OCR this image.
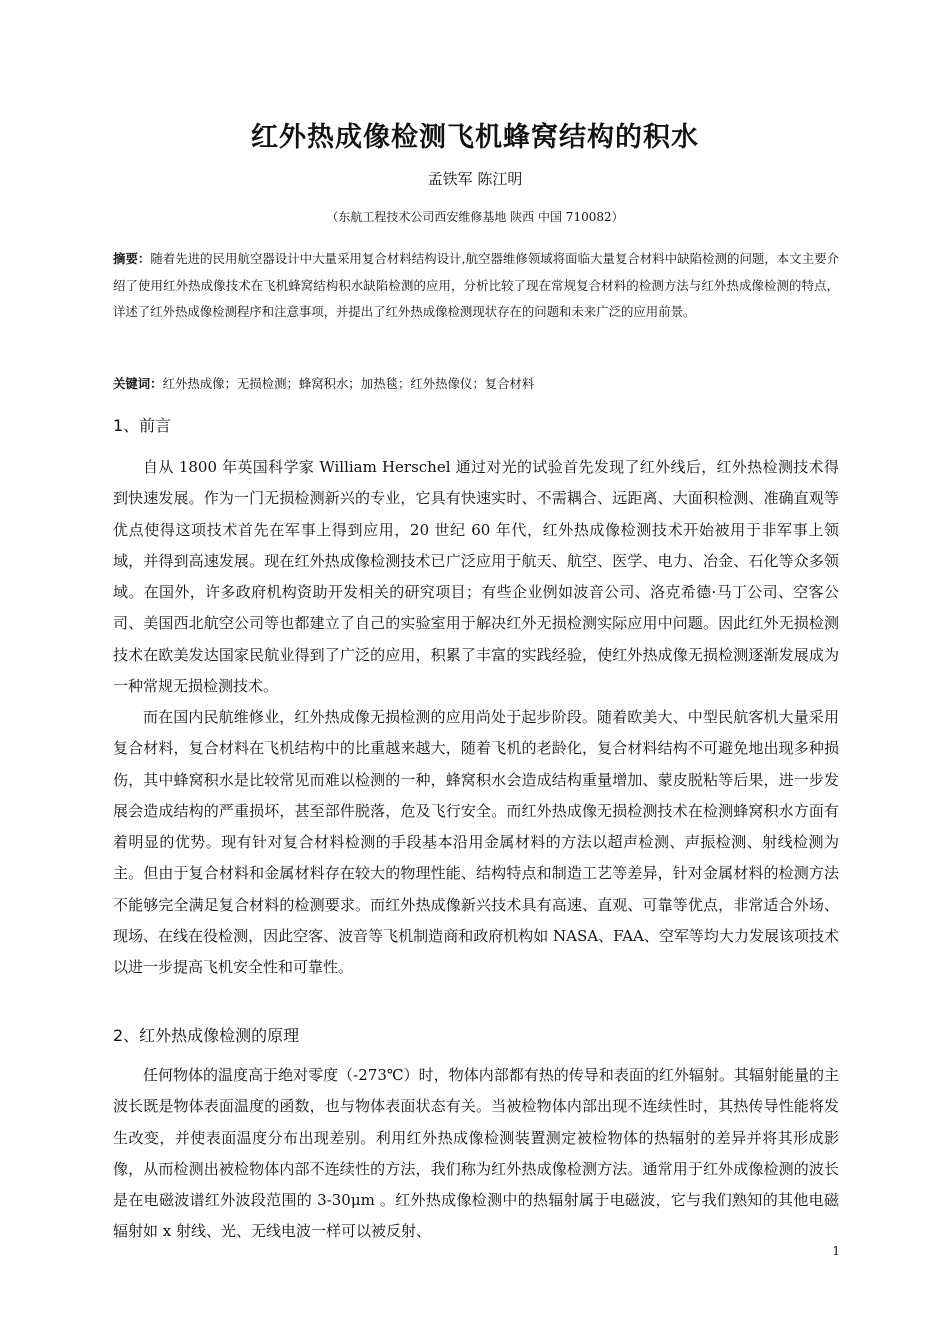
红外热成像检测飞机蜂窝结构的积水
孟铁军 陈江明
（东航工程技术公司西安维修基地 陕西 中国 710082）
摘要：随着先进的民用航空器设计中大量采用复合材料结构设计,航空器维修领域将面临大量复合材料中缺陷检测的问题，本文主要介绍了使用红外热成像技术在飞机蜂窝结构积水缺陷检测的应用，分析比较了现在常规复合材料的检测方法与红外热成像检测的特点，详述了红外热成像检测程序和注意事项，并提出了红外热成像检测现状存在的问题和未来广泛的应用前景。
关键词：红外热成像；无损检测；蜂窝积水；加热毯；红外热像仪；复合材料
1、前言

自从 1800 年英国科学家 William Herschel 通过对光的试验首先发现了红外线后，红外热检测技术得到快速发展。作为一门无损检测新兴的专业，它具有快速实时、不需耦合、远距离、大面积检测、准确直观等优点使得这项技术首先在军事上得到应用，20 世纪 60 年代，红外热成像检测技术开始被用于非军事上领域，并得到高速发展。现在红外热成像检测技术已广泛应用于航天、航空、医学、电力、冶金、石化等众多领域。在国外，许多政府机构资助开发相关的研究项目；有些企业例如波音公司、洛克希德·马丁公司、空客公司、美国西北航空公司等也都建立了自己的实验室用于解决红外无损检测实际应用中问题。因此红外无损检测技术在欧美发达国家民航业得到了广泛的应用，积累了丰富的实践经验，使红外热成像无损检测逐渐发展成为一种常规无损检测技术。

而在国内民航维修业，红外热成像无损检测的应用尚处于起步阶段。随着欧美大、中型民航客机大量采用复合材料，复合材料在飞机结构中的比重越来越大，随着飞机的老龄化，复合材料结构不可避免地出现多种损伤，其中蜂窝积水是比较常见而难以检测的一种，蜂窝积水会造成结构重量增加、蒙皮脱粘等后果，进一步发展会造成结构的严重损坏，甚至部件脱落，危及飞行安全。而红外热成像无损检测技术在检测蜂窝积水方面有着明显的优势。现有针对复合材料检测的手段基本沿用金属材料的方法以超声检测、声振检测、射线检测为主。但由于复合材料和金属材料存在较大的物理性能、结构特点和制造工艺等差异，针对金属材料的检测方法不能够完全满足复合材料的检测要求。而红外热成像新兴技术具有高速、直观、可靠等优点，非常适合外场、现场、在线在役检测，因此空客、波音等飞机制造商和政府机构如 NASA、FAA、空军等均大力发展该项技术以进一步提高飞机安全性和可靠性。

2、红外热成像检测的原理

任何物体的温度高于绝对零度（-273℃）时，物体内部都有热的传导和表面的红外辐射。其辐射能量的主波长既是物体表面温度的函数，也与物体表面状态有关。当被检物体内部出现不连续性时，其热传导性能将发生改变，并使表面温度分布出现差别。利用红外热成像检测装置测定被检物体的热辐射的差异并将其形成影像，从而检测出被检物体内部不连续性的方法，我们称为红外热成像检测方法。通常用于红外成像检测的波长是在电磁波谱红外波段范围的 3-30μm 。红外热成像检测中的热辐射属于电磁波，它与我们熟知的其他电磁辐射如 x 射线、光、无线电波一样可以被反射、

1
